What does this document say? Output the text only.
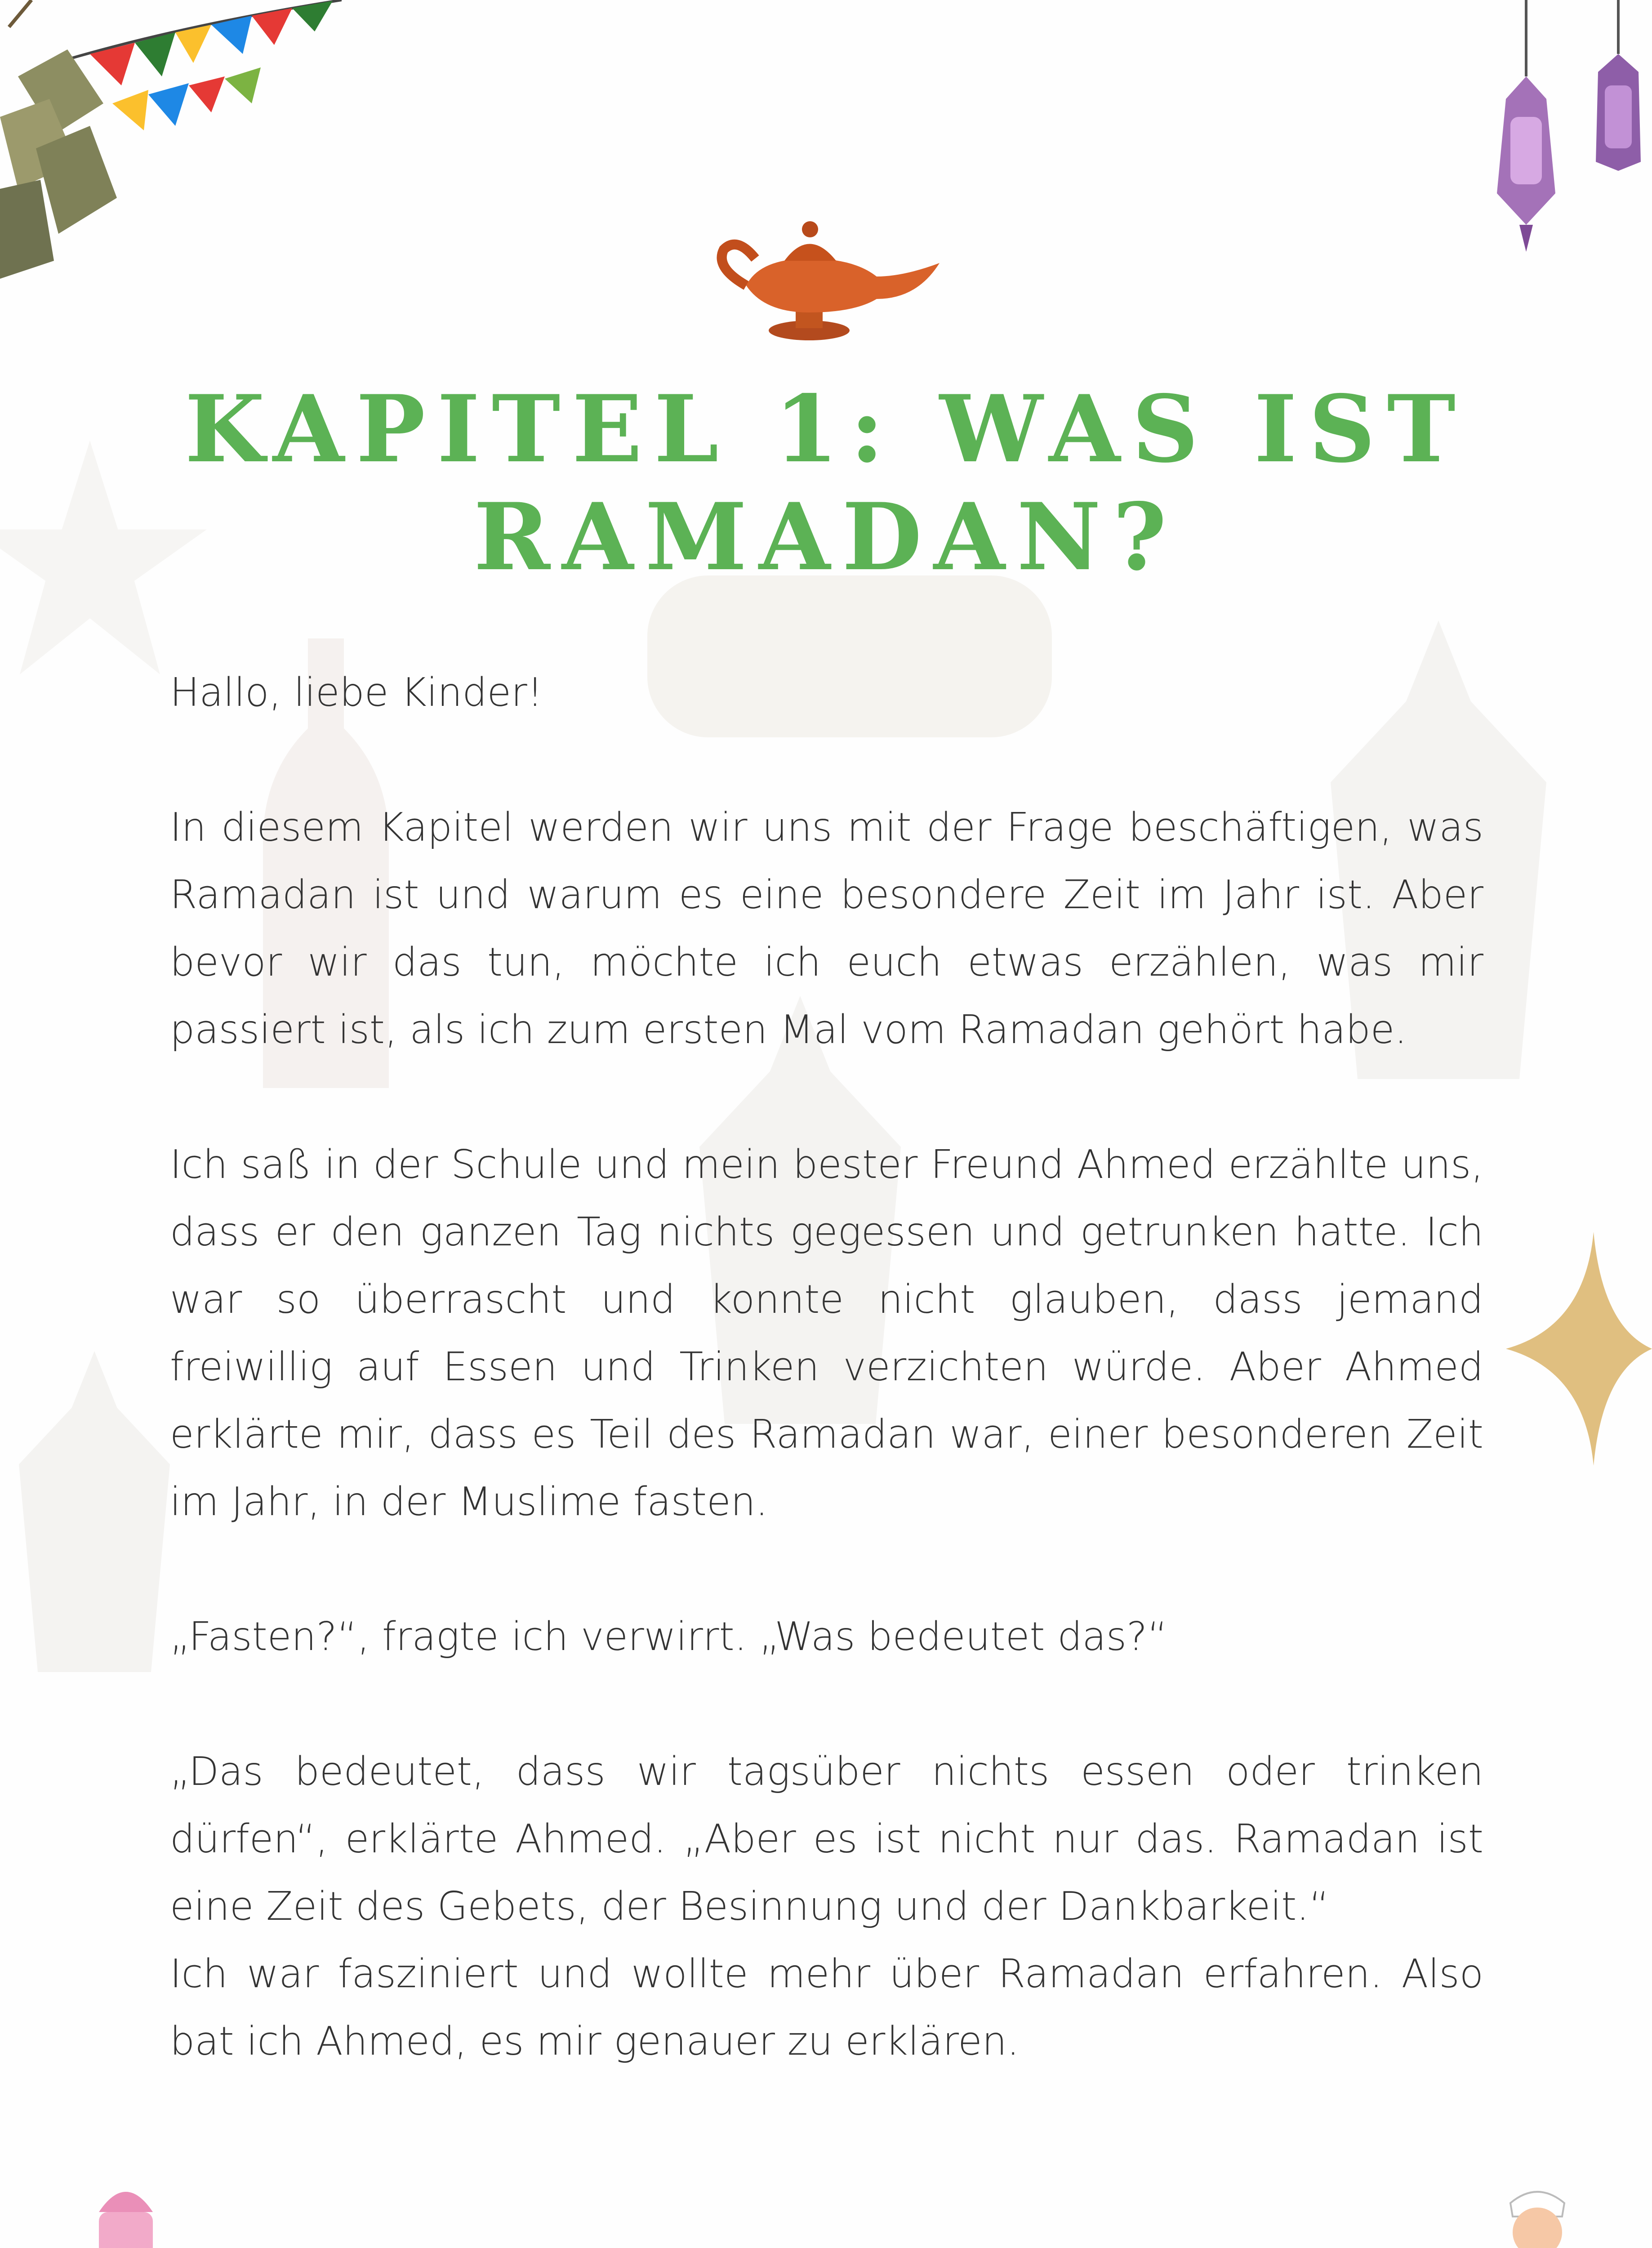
KAPITEL 1: WAS IST
RAMADAN?

Hallo, liebe Kinder!

In diesem Kapitel werden wir uns mit der Frage beschäftigen, was Ramadan ist und warum es eine besondere Zeit im Jahr ist. Aber bevor wir das tun, möchte ich euch etwas erzählen, was mir passiert ist, als ich zum ersten Mal vom Ramadan gehört habe.

Ich saß in der Schule und mein bester Freund Ahmed erzählte uns, dass er den ganzen Tag nichts gegessen und getrunken hatte. Ich war so überrascht und konnte nicht glauben, dass jemand freiwillig auf Essen und Trinken verzichten würde. Aber Ahmed erklärte mir, dass es Teil des Ramadan war, einer besonderen Zeit im Jahr, in der Muslime fasten.

„Fasten?“, fragte ich verwirrt. „Was bedeutet das?“

„Das bedeutet, dass wir tagsüber nichts essen oder trinken dürfen“, erklärte Ahmed. „Aber es ist nicht nur das. Ramadan ist eine Zeit des Gebets, der Besinnung und der Dankbarkeit.“

Ich war fasziniert und wollte mehr über Ramadan erfahren. Also bat ich Ahmed, es mir genauer zu erklären.
